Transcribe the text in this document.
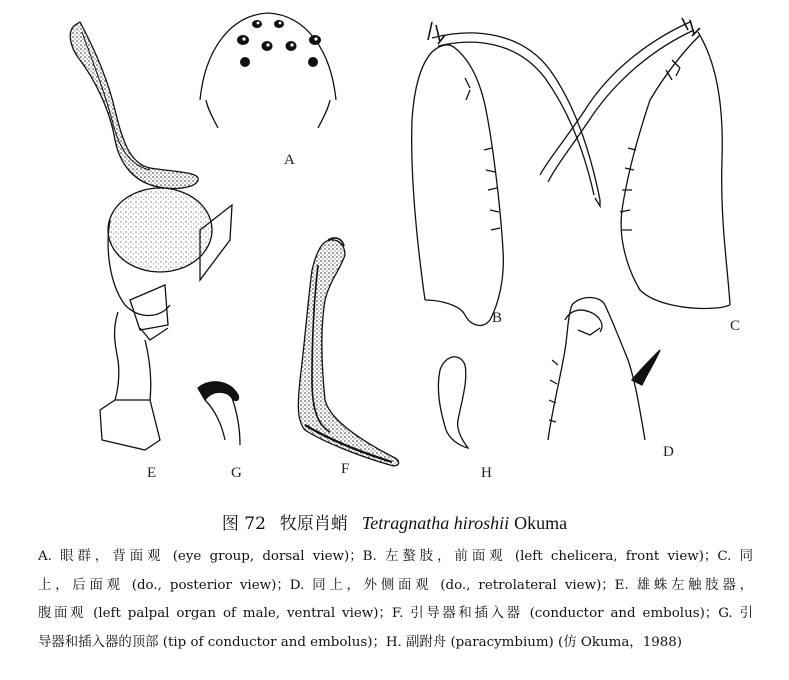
A
B	C
D
E	F
G	H
图 72 牧原肖蛸 Tetragnatha hiroshii Okuma
A. 眼群，背面观 (eye group, dorsal view)；B. 左螯肢，前面观 (left chelicera, front view)；C. 同
上，后面观 (do., posterior view)；D. 同上，外侧面观 (do., retrolateral view)；E. 雄蛛左触肢器，
腹面观 (left palpal organ of male, ventral view)；F. 引导器和插入器 (conductor and embolus)；G. 引
导器和插入器的顶部 (tip of conductor and embolus)；H. 副跗舟 (paracymbium) (仿 Okuma，1988)
